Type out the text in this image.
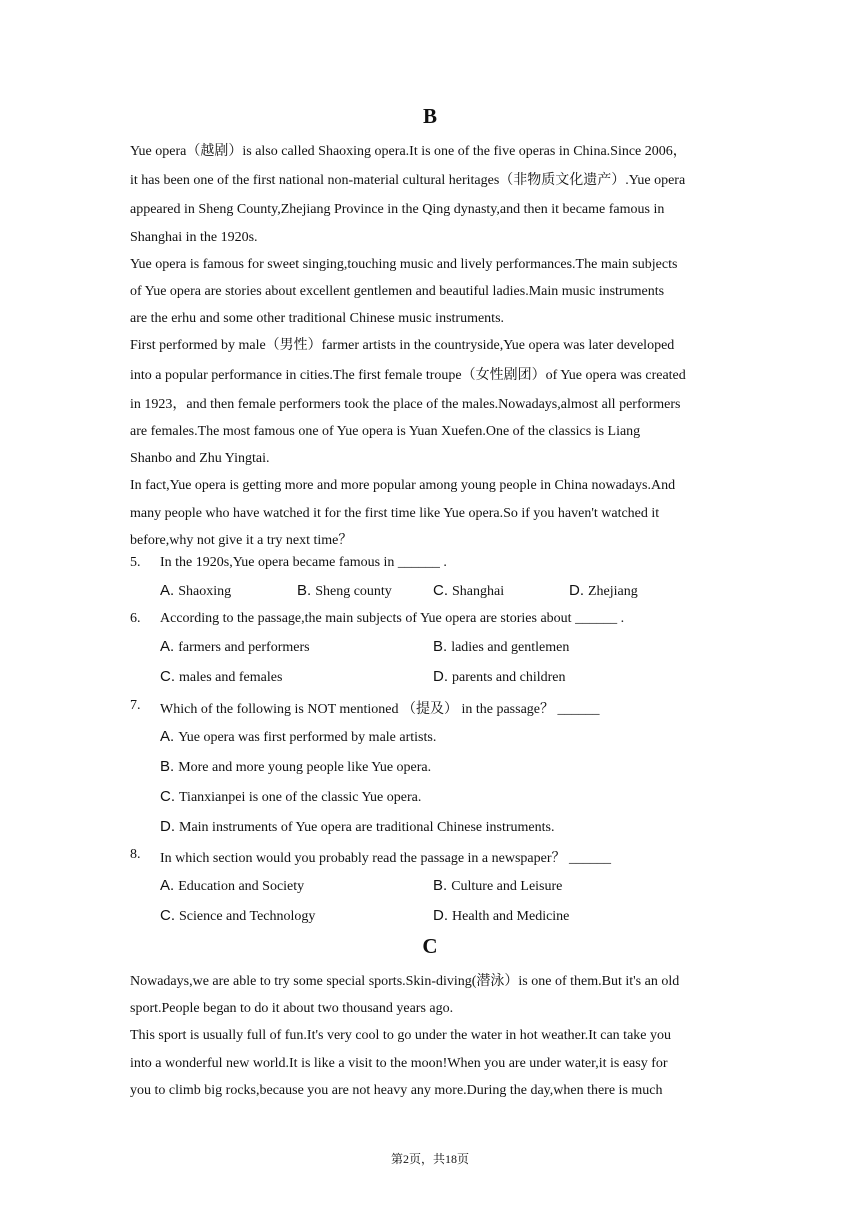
B
Yue opera（越剧）is also called Shaoxing opera.It is one of the five operas in China.Since 2006，
it has been one of the first national non-material cultural heritages（非物质文化遗产）.Yue opera
appeared in Sheng County,Zhejiang Province in the Qing dynasty,and then it became famous in
Shanghai in the 1920s.
Yue opera is famous for sweet singing,touching music and lively performances.The main subjects
of Yue opera are stories about excellent gentlemen and beautiful ladies.Main music instruments
are the erhu and some other traditional Chinese music instruments.
First performed by male（男性）farmer artists in the countryside,Yue opera was later developed
into a popular performance in cities.The first female troupe（女性剧团）of Yue opera was created
in 1923，and then female performers took the place of the males.Nowadays,almost all performers
are females.The most famous one of Yue opera is Yuan Xuefen.One of the classics is Liang
Shanbo and Zhu Yingtai.
In fact,Yue opera is getting more and more popular among young people in China nowadays.And
many people who have watched it for the first time like Yue opera.So if you haven't watched it
before,why not give it a try next time？
5. In the 1920s,Yue opera became famous in ______ .
A. Shaoxing	B. Sheng county	C. Shanghai	D. Zhejiang
6. According to the passage,the main subjects of Yue opera are stories about ______ .
A. farmers and performers	B. ladies and gentlemen
C. males and females	D. parents and children
7. Which of the following is NOT mentioned （提及） in the passage？ ______
A. Yue opera was first performed by male artists.
B. More and more young people like Yue opera.
C. Tianxianpei is one of the classic Yue opera.
D. Main instruments of Yue opera are traditional Chinese instruments.
8. In which section would you probably read the passage in a newspaper？ ______
A. Education and Society	B. Culture and Leisure
C. Science and Technology	D. Health and Medicine
C
Nowadays,we are able to try some special sports.Skin-diving(潜泳）is one of them.But it's an old
sport.People began to do it about two thousand years ago.
This sport is usually full of fun.It's very cool to go under the water in hot weather.It can take you
into a wonderful new world.It is like a visit to the moon!When you are under water,it is easy for
you to climb big rocks,because you are not heavy any more.During the day,when there is much
第2页，共18页
